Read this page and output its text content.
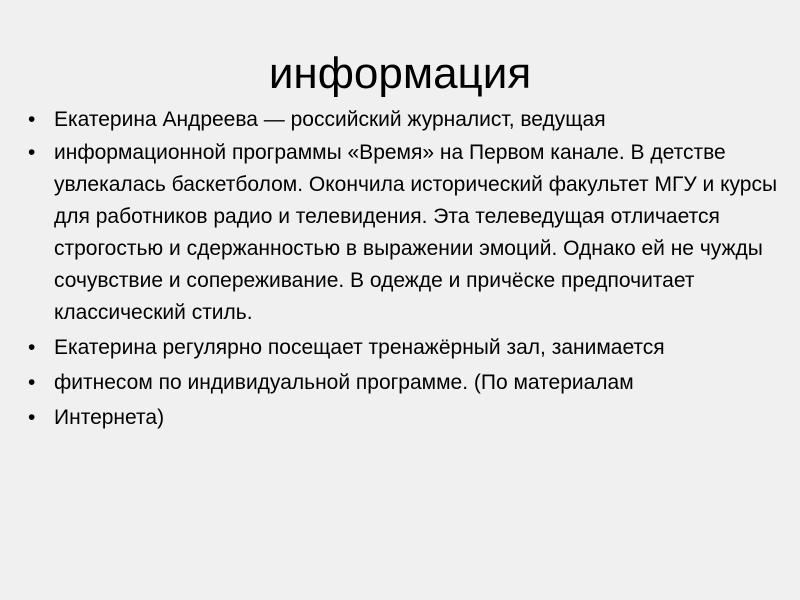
информация
• Екатерина Андреева — российский журналист, ведущая
• информационной программы «Время» на Первом канале. В детстве увлекалась баскетболом. Окончила исторический факультет МГУ и курсы для работников радио и телевидения. Эта телеведущая отличается строгостью и сдержанностью в выражении эмоций. Однако ей не чужды сочувствие и сопереживание. В одежде и причёске предпочитает классический стиль.
• Екатерина регулярно посещает тренажёрный зал, занимается
• фитнесом по индивидуальной программе. (По материалам
• Интернета)
